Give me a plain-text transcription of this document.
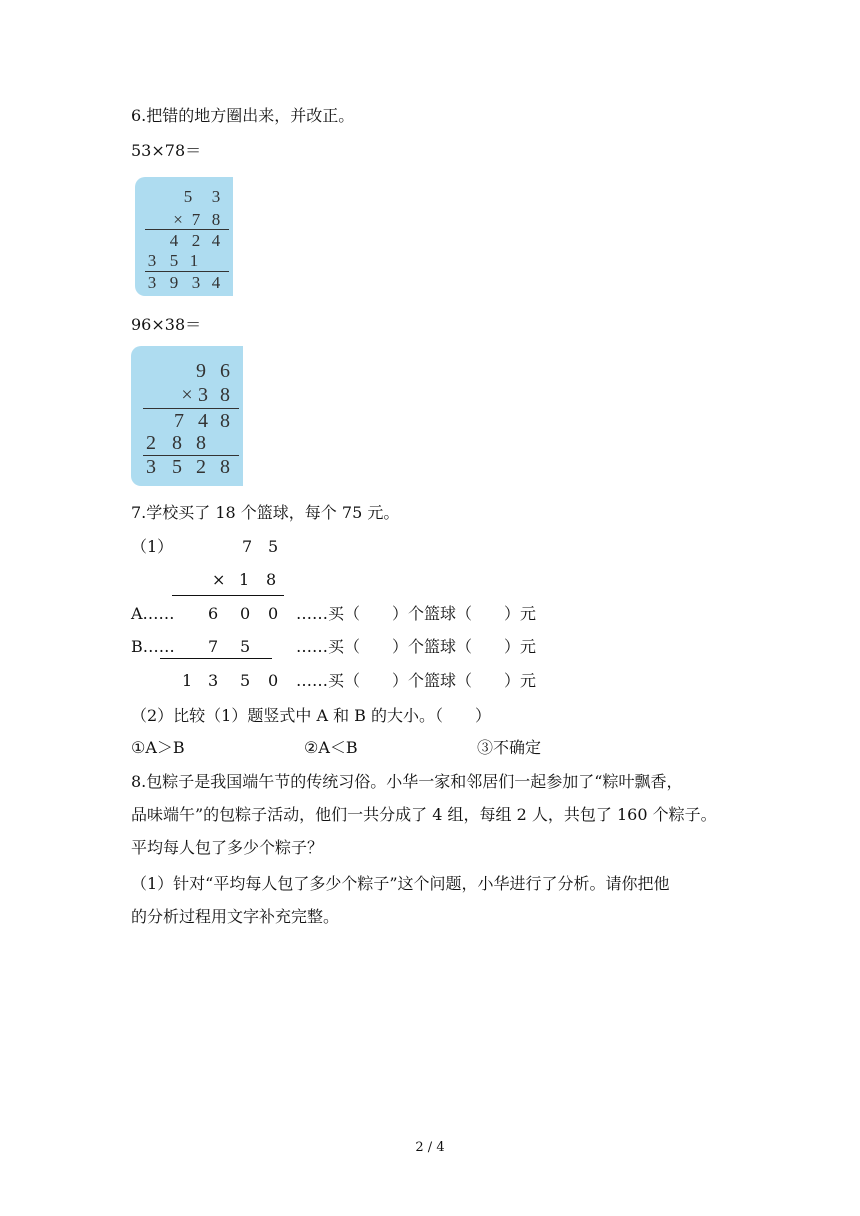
6.把错的地方圈出来，并改正。
53×78＝
5 3
× 7 8
4 2 4
3 5 1
3 9 3 4
96×38＝
9 6
× 3 8
7 4 8
2 8 8
3 5 2 8
7.学校买了 18 个篮球，每个 75 元。
（1）	7 5
× 1 8
A…… 6 0 0 ……买（　　）个篮球（　　）元
B…… 7 5	……买（　　）个篮球（　　）元
1 3 5 0 ……买（　　）个篮球（　　）元
（2）比较（1）题竖式中 A 和 B 的大小。（　　）
①A＞B	②A＜B	③不确定
8.包粽子是我国端午节的传统习俗。小华一家和邻居们一起参加了“粽叶飘香，
品味端午”的包粽子活动，他们一共分成了 4 组，每组 2 人，共包了 160 个粽子。
平均每人包了多少个粽子？
（1）针对“平均每人包了多少个粽子”这个问题，小华进行了分析。请你把他
的分析过程用文字补充完整。
2 / 4
